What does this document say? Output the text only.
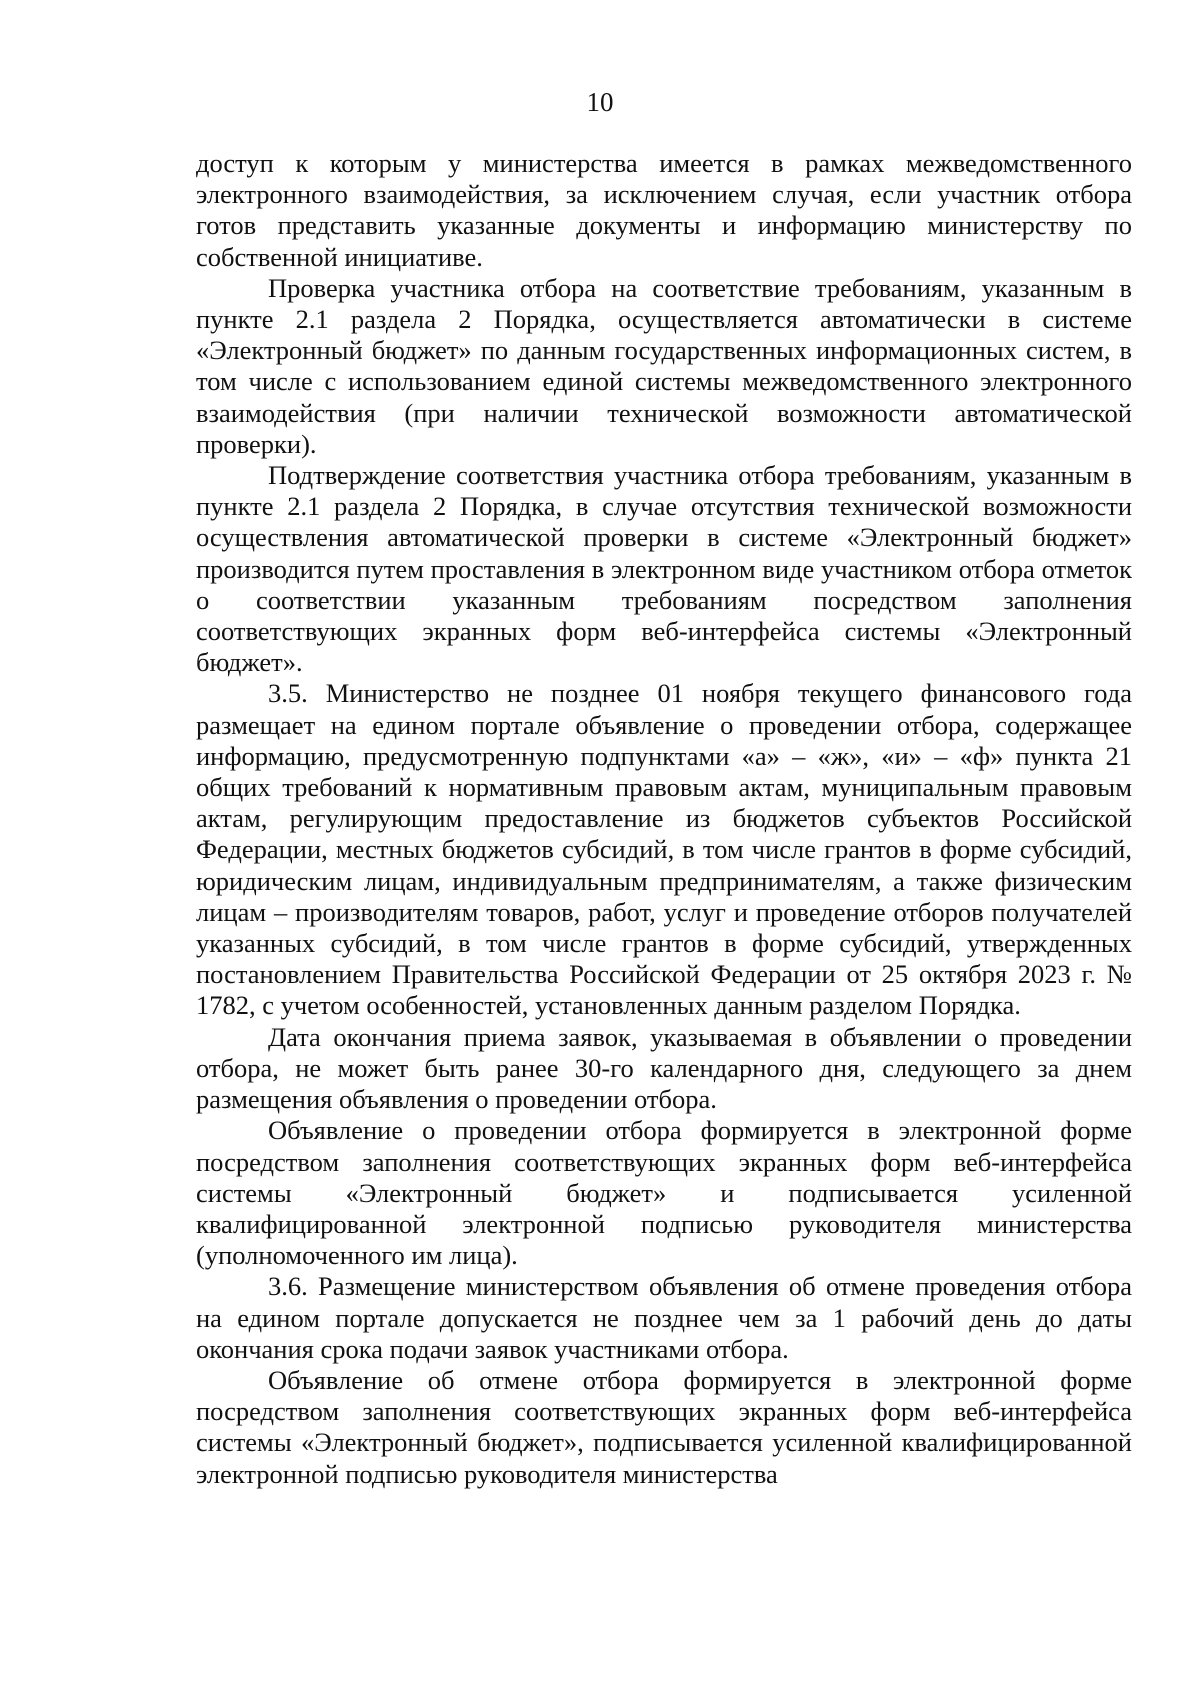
10

доступ к которым у министерства имеется в рамках межведомственного электронного взаимодействия, за исключением случая, если участник отбора готов представить указанные документы и информацию министерству по собственной инициативе.

Проверка участника отбора на соответствие требованиям, указанным в пункте 2.1 раздела 2 Порядка, осуществляется автоматически в системе «Электронный бюджет» по данным государственных информационных систем, в том числе с использованием единой системы межведомственного электронного взаимодействия (при наличии технической возможности автоматической проверки).

Подтверждение соответствия участника отбора требованиям, указанным в пункте 2.1 раздела 2 Порядка, в случае отсутствия технической возможности осуществления автоматической проверки в системе «Электронный бюджет» производится путем проставления в электронном виде участником отбора отметок о соответствии указанным требованиям посредством заполнения соответствующих экранных форм веб-интерфейса системы «Электронный бюджет».

3.5. Министерство не позднее 01 ноября текущего финансового года размещает на едином портале объявление о проведении отбора, содержащее информацию, предусмотренную подпунктами «а» – «ж», «и» – «ф» пункта 21 общих требований к нормативным правовым актам, муниципальным правовым актам, регулирующим предоставление из бюджетов субъектов Российской Федерации, местных бюджетов субсидий, в том числе грантов в форме субсидий, юридическим лицам, индивидуальным предпринимателям, а также физическим лицам – производителям товаров, работ, услуг и проведение отборов получателей указанных субсидий, в том числе грантов в форме субсидий, утвержденных постановлением Правительства Российской Федерации от 25 октября 2023 г. № 1782, с учетом особенностей, установленных данным разделом Порядка.

Дата окончания приема заявок, указываемая в объявлении о проведении отбора, не может быть ранее 30-го календарного дня, следующего за днем размещения объявления о проведении отбора.

Объявление о проведении отбора формируется в электронной форме посредством заполнения соответствующих экранных форм веб-интерфейса системы «Электронный бюджет» и подписывается усиленной квалифицированной электронной подписью руководителя министерства (уполномоченного им лица).

3.6. Размещение министерством объявления об отмене проведения отбора на едином портале допускается не позднее чем за 1 рабочий день до даты окончания срока подачи заявок участниками отбора.

Объявление об отмене отбора формируется в электронной форме посредством заполнения соответствующих экранных форм веб-интерфейса системы «Электронный бюджет», подписывается усиленной квалифицированной электронной подписью руководителя министерства
